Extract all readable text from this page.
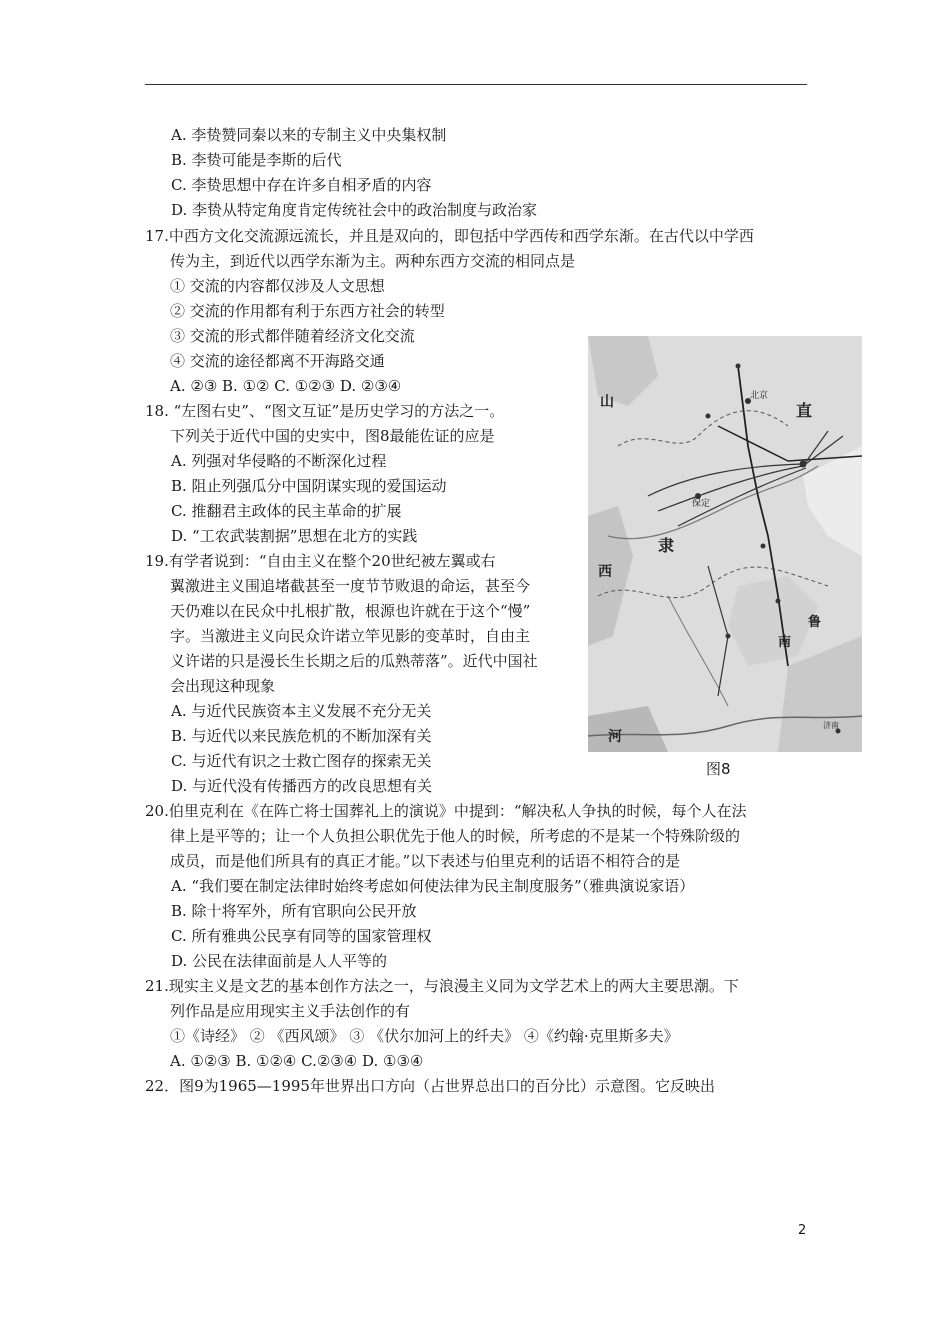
A. 李贽赞同秦以来的专制主义中央集权制
B. 李贽可能是李斯的后代
C. 李贽思想中存在许多自相矛盾的内容
D. 李贽从特定角度肯定传统社会中的政治制度与政治家
17.中西方文化交流源远流长，并且是双向的，即包括中学西传和西学东渐。在古代以中学西
传为主，到近代以西学东渐为主。两种东西方交流的相同点是
① 交流的内容都仅涉及人文思想
② 交流的作用都有利于东西方社会的转型
③ 交流的形式都伴随着经济文化交流
④ 交流的途径都离不开海路交通
A. ②③ B. ①② C. ①②③ D. ②③④
18. “左图右史”、“图文互证”是历史学习的方法之一。
下列关于近代中国的史实中，图8最能佐证的应是
A. 列强对华侵略的不断深化过程
B. 阻止列强瓜分中国阴谋实现的爱国运动
C. 推翻君主政体的民主革命的扩展
D. “工农武装割据”思想在北方的实践
19.有学者说到：“自由主义在整个20世纪被左翼或右
翼激进主义围追堵截甚至一度节节败退的命运，甚至今
天仍难以在民众中扎根扩散，根源也许就在于这个“慢”
字。当激进主义向民众许诺立竿见影的变革时，自由主
义许诺的只是漫长生长期之后的瓜熟蒂落”。近代中国社
会出现这种现象
A. 与近代民族资本主义发展不充分无关
B. 与近代以来民族危机的不断加深有关
C. 与近代有识之士救亡图存的探索无关
D. 与近代没有传播西方的改良思想有关
20.伯里克利在《在阵亡将士国葬礼上的演说》中提到：“解决私人争执的时候，每个人在法
律上是平等的；让一个人负担公职优先于他人的时候，所考虑的不是某一个特殊阶级的
成员，而是他们所具有的真正才能。”以下表述与伯里克利的话语不相符合的是
A. “我们要在制定法律时始终考虑如何使法律为民主制度服务”（雅典演说家语）
B. 除十将军外，所有官职向公民开放
C. 所有雅典公民享有同等的国家管理权
D. 公民在法律面前是人人平等的
21.现实主义是文艺的基本创作方法之一，与浪漫主义同为文学艺术上的两大主要思潮。下
列作品是应用现实主义手法创作的有
①《诗经》 ② 《西风颂》 ③ 《伏尔加河上的纤夫》 ④《约翰·克里斯多夫》
A. ①②③ B. ①②④ C.②③④ D. ①③④
22．图9为1965—1995年世界出口方向（占世界总出口的百分比）示意图。它反映出
北京
保定
直
隶
山
西
鲁
河
南
济南
图8
2
